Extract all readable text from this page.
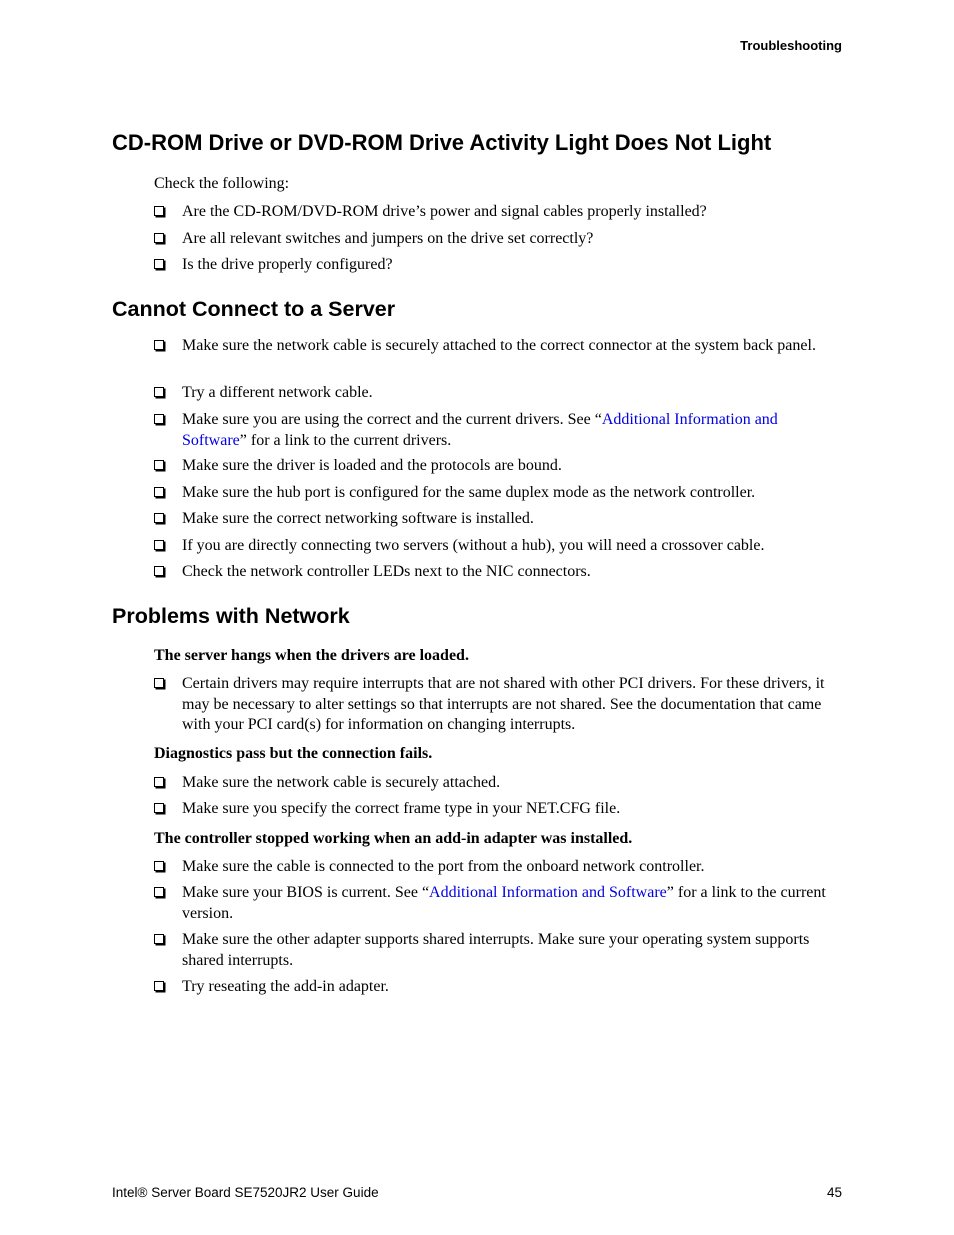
Troubleshooting
CD-ROM Drive or DVD-ROM Drive Activity Light Does Not Light

Check the following:

Are the CD-ROM/DVD-ROM drive’s power and signal cables properly installed?
Are all relevant switches and jumpers on the drive set correctly?
Is the drive properly configured?
Cannot Connect to a Server
Make sure the network cable is securely attached to the correct connector at the system back panel.
Try a different network cable.
Make sure you are using the correct and the current drivers. See “Additional Information and Software” for a link to the current drivers.
Make sure the driver is loaded and the protocols are bound.
Make sure the hub port is configured for the same duplex mode as the network controller.
Make sure the correct networking software is installed.
If you are directly connecting two servers (without a hub), you will need a crossover cable.
Check the network controller LEDs next to the NIC connectors.
Problems with Network

The server hangs when the drivers are loaded.

Certain drivers may require interrupts that are not shared with other PCI drivers. For these drivers, it may be necessary to alter settings so that interrupts are not shared. See the documentation that came with your PCI card(s) for information on changing interrupts.

Diagnostics pass but the connection fails.

Make sure the network cable is securely attached.
Make sure you specify the correct frame type in your NET.CFG file.

The controller stopped working when an add-in adapter was installed.

Make sure the cable is connected to the port from the onboard network controller.
Make sure your BIOS is current. See “Additional Information and Software” for a link to the current version.
Make sure the other adapter supports shared interrupts. Make sure your operating system supports shared interrupts.
Try reseating the add-in adapter.
Intel® Server Board SE7520JR2 User Guide	45
